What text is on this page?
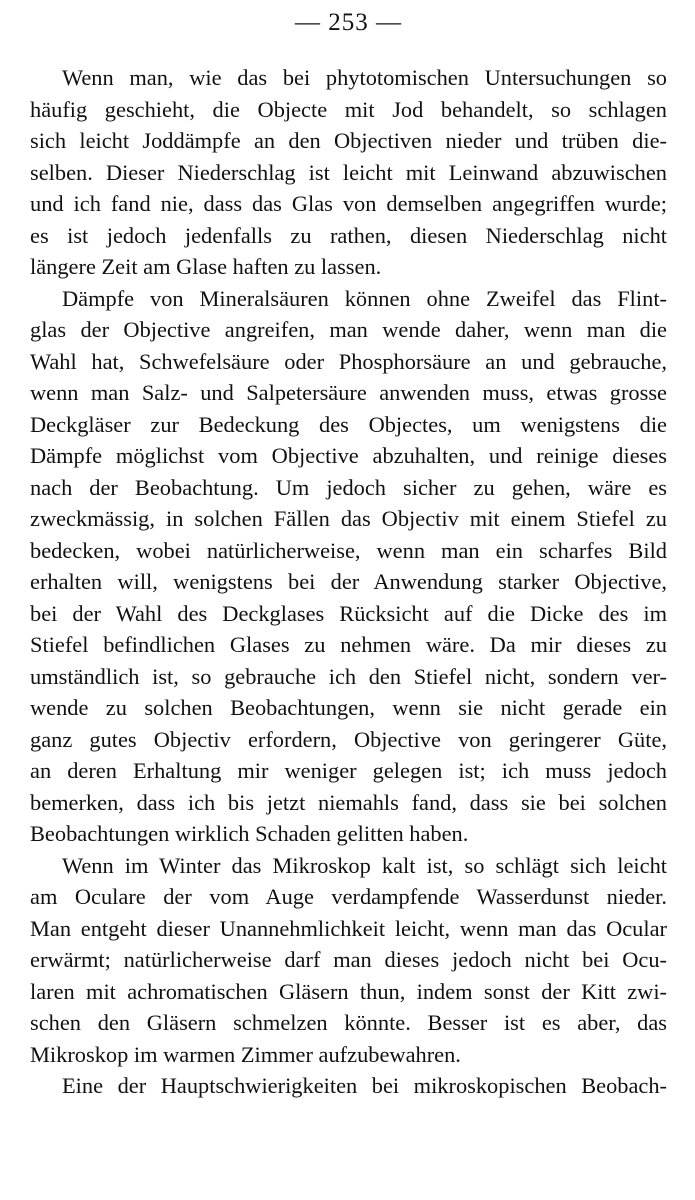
— 253 —

Wenn man, wie das bei phytotomischen Untersuchungen so
häufig geschieht, die Objecte mit Jod behandelt, so schlagen
sich leicht Joddämpfe an den Objectiven nieder und trüben die-
selben. Dieser Niederschlag ist leicht mit Leinwand abzuwischen
und ich fand nie, dass das Glas von demselben angegriffen wurde;
es ist jedoch jedenfalls zu rathen, diesen Niederschlag nicht
längere Zeit am Glase haften zu lassen.

Dämpfe von Mineralsäuren können ohne Zweifel das Flint-
glas der Objective angreifen, man wende daher, wenn man die
Wahl hat, Schwefelsäure oder Phosphorsäure an und gebrauche,
wenn man Salz- und Salpetersäure anwenden muss, etwas grosse
Deckgläser zur Bedeckung des Objectes, um wenigstens die
Dämpfe möglichst vom Objective abzuhalten, und reinige dieses
nach der Beobachtung. Um jedoch sicher zu gehen, wäre es
zweckmässig, in solchen Fällen das Objectiv mit einem Stiefel zu
bedecken, wobei natürlicherweise, wenn man ein scharfes Bild
erhalten will, wenigstens bei der Anwendung starker Objective,
bei der Wahl des Deckglases Rücksicht auf die Dicke des im
Stiefel befindlichen Glases zu nehmen wäre. Da mir dieses zu
umständlich ist, so gebrauche ich den Stiefel nicht, sondern ver-
wende zu solchen Beobachtungen, wenn sie nicht gerade ein
ganz gutes Objectiv erfordern, Objective von geringerer Güte,
an deren Erhaltung mir weniger gelegen ist; ich muss jedoch
bemerken, dass ich bis jetzt niemahls fand, dass sie bei solchen
Beobachtungen wirklich Schaden gelitten haben.

Wenn im Winter das Mikroskop kalt ist, so schlägt sich leicht
am Oculare der vom Auge verdampfende Wasserdunst nieder.
Man entgeht dieser Unannehmlichkeit leicht, wenn man das Ocular
erwärmt; natürlicherweise darf man dieses jedoch nicht bei Ocu-
laren mit achromatischen Gläsern thun, indem sonst der Kitt zwi-
schen den Gläsern schmelzen könnte. Besser ist es aber, das
Mikroskop im warmen Zimmer aufzubewahren.

Eine der Hauptschwierigkeiten bei mikroskopischen Beobach-
